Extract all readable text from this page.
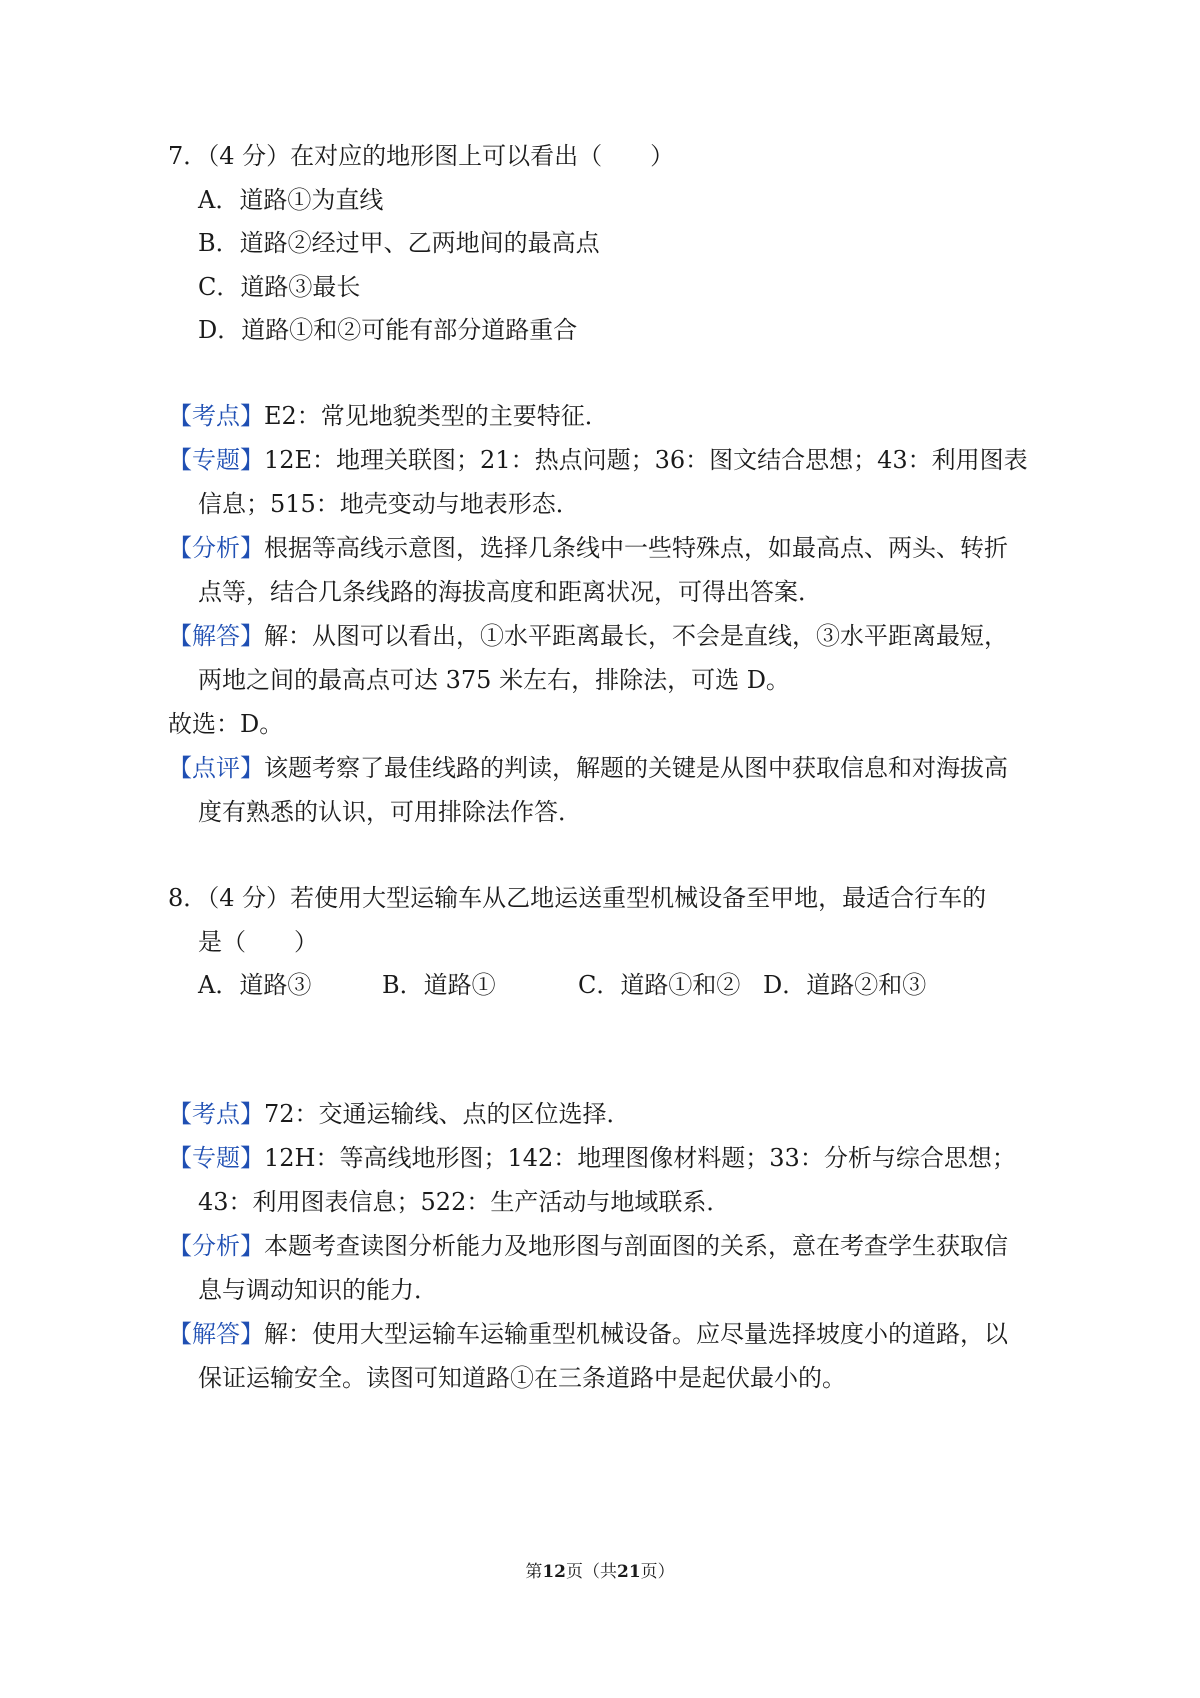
7．（4 分）在对应的地形图上可以看出（　　）
A．道路①为直线
B．道路②经过甲、乙两地间的最高点
C．道路③最长
D．道路①和②可能有部分道路重合
【考点】E2：常见地貌类型的主要特征．
【专题】12E：地理关联图；21：热点问题；36：图文结合思想；43：利用图表
信息；515：地壳变动与地表形态．
【分析】根据等高线示意图，选择几条线中一些特殊点，如最高点、两头、转折
点等，结合几条线路的海拔高度和距离状况，可得出答案．
【解答】解：从图可以看出，①水平距离最长，不会是直线，③水平距离最短，
两地之间的最高点可达 375 米左右，排除法，可选 D。
故选：D。
【点评】该题考察了最佳线路的判读，解题的关键是从图中获取信息和对海拔高
度有熟悉的认识，可用排除法作答．
8．（4 分）若使用大型运输车从乙地运送重型机械设备至甲地，最适合行车的
是（　　）
A．道路③	B．道路①	C．道路①和② D．道路②和③
【考点】72：交通运输线、点的区位选择．
【专题】12H：等高线地形图；142：地理图像材料题；33：分析与综合思想；
43：利用图表信息；522：生产活动与地域联系．
【分析】本题考查读图分析能力及地形图与剖面图的关系，意在考查学生获取信
息与调动知识的能力．
【解答】解：使用大型运输车运输重型机械设备。应尽量选择坡度小的道路，以
保证运输安全。读图可知道路①在三条道路中是起伏最小的。
第12页（共21页）
